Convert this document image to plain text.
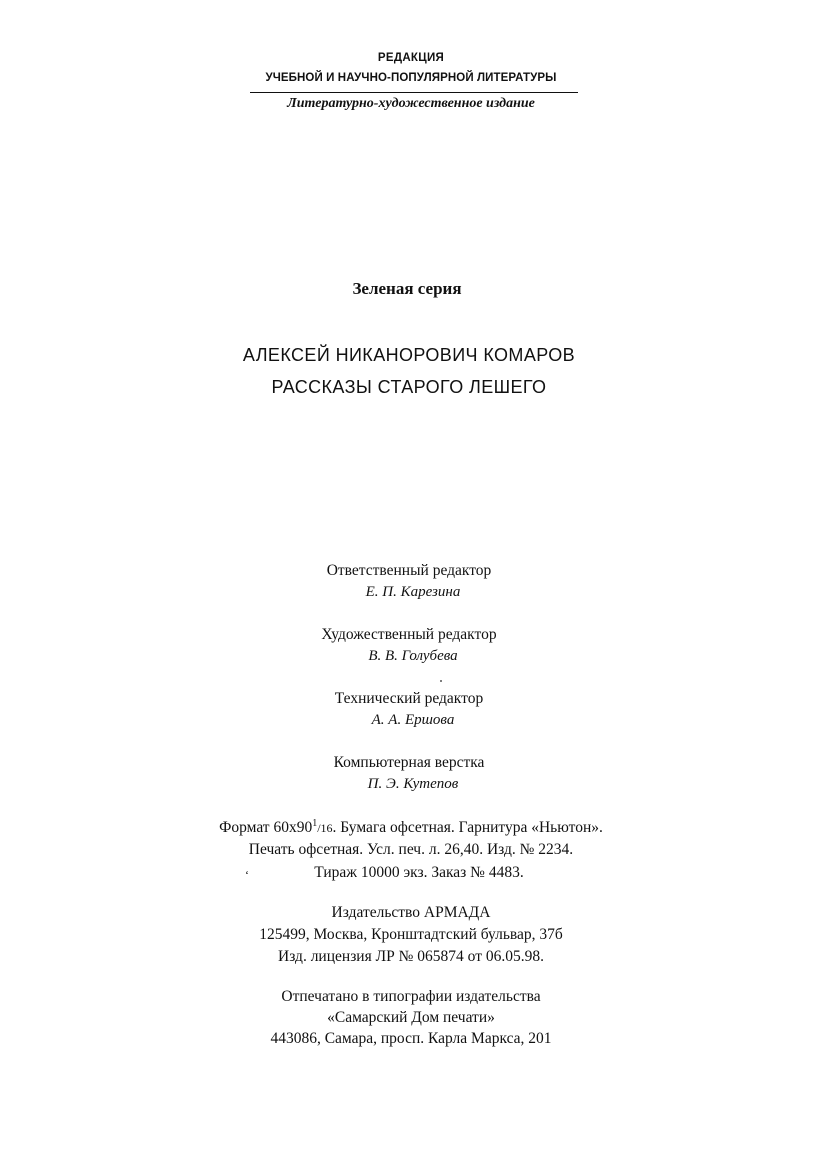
РЕДАКЦИЯ
УЧЕБНОЙ И НАУЧНО-ПОПУЛЯРНОЙ ЛИТЕРАТУРЫ
Литературно-художественное издание
Зеленая серия
АЛЕКСЕЙ НИКАНОРОВИЧ КОМАРОВ
РАССКАЗЫ СТАРОГО ЛЕШЕГО
Ответственный редактор
Е. П. Карезина
Художественный редактор
В. В. Голубева
Технический редактор
А. А. Ершова
Компьютерная верстка
П. Э. Кутепов
Формат $60x90^1/16$. Бумага офсетная. Гарнитура «Ньютон».
Печать офсетная. Усл. печ. л. 26,40. Изд. № 2234.
ʻ	Тираж 10000 экз. Заказ № 4483.
Издательство АРМАДА
125499, Москва, Кронштадтский бульвар, 37б
Изд. лицензия ЛР № 065874 от 06.05.98.
Отпечатано в типографии издательства
«Самарский Дом печати»
443086, Самара, просп. Карла Маркса, 201
